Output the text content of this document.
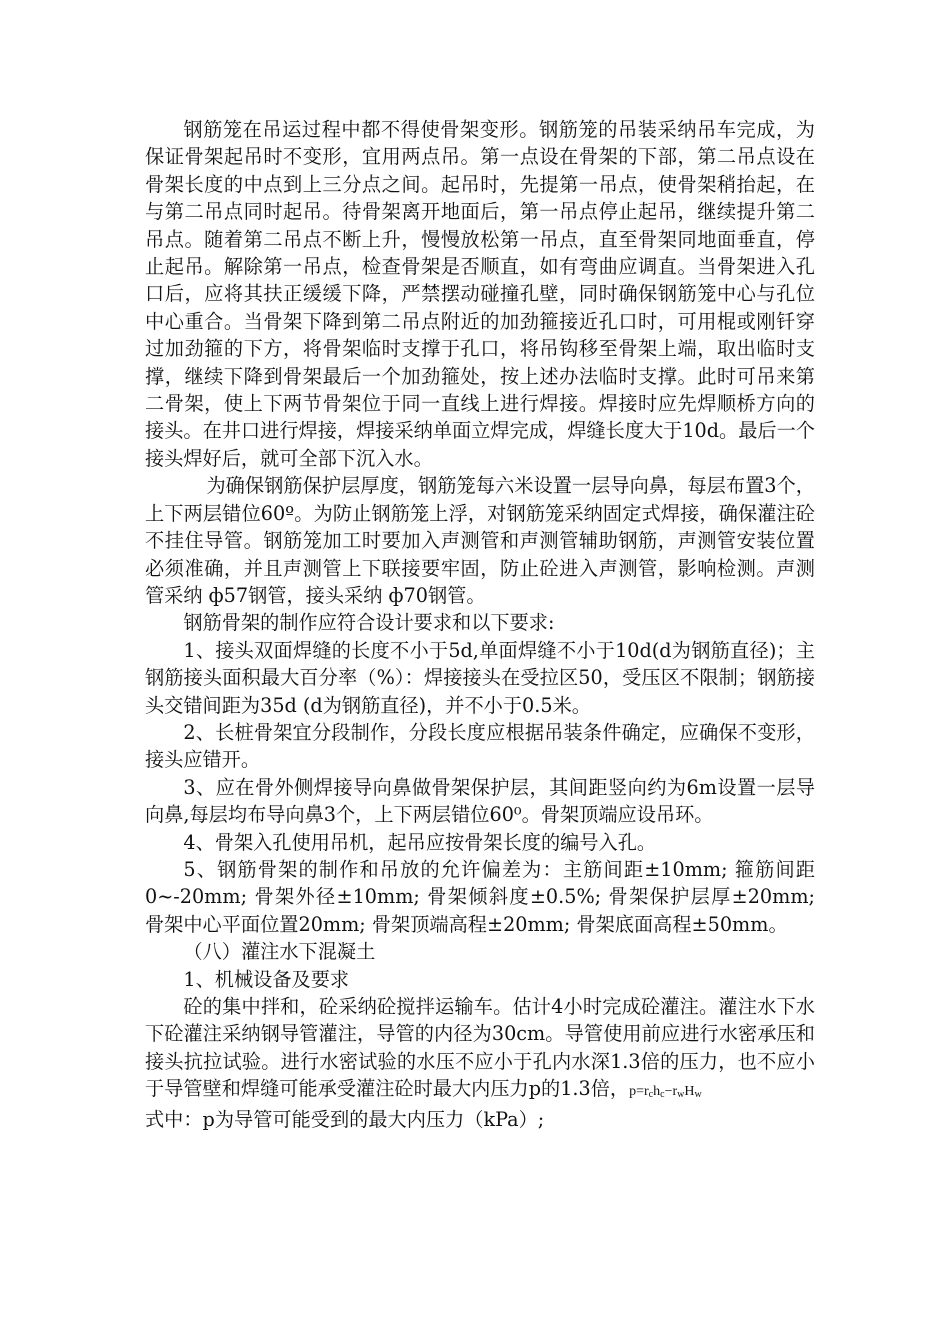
钢筋笼在吊运过程中都不得使骨架变形。钢筋笼的吊装采纳吊车完成，为保证骨架起吊时不变形，宜用两点吊。第一点设在骨架的下部，第二吊点设在骨架长度的中点到上三分点之间。起吊时，先提第一吊点，使骨架稍抬起，在与第二吊点同时起吊。待骨架离开地面后，第一吊点停止起吊，继续提升第二吊点。随着第二吊点不断上升，慢慢放松第一吊点，直至骨架同地面垂直，停止起吊。解除第一吊点，检查骨架是否顺直，如有弯曲应调直。当骨架进入孔口后，应将其扶正缓缓下降，严禁摆动碰撞孔壁，同时确保钢筋笼中心与孔位中心重合。当骨架下降到第二吊点附近的加劲箍接近孔口时，可用棍或刚钎穿过加劲箍的下方，将骨架临时支撑于孔口，将吊钩移至骨架上端，取出临时支撑，继续下降到骨架最后一个加劲箍处，按上述办法临时支撑。此时可吊来第二骨架，使上下两节骨架位于同一直线上进行焊接。焊接时应先焊顺桥方向的接头。在井口进行焊接，焊接采纳单面立焊完成，焊缝长度大于10d。最后一个接头焊好后，就可全部下沉入水。

为确保钢筋保护层厚度，钢筋笼每六米设置一层导向鼻，每层布置3个，上下两层错位60º。为防止钢筋笼上浮，对钢筋笼采纳固定式焊接，确保灌注砼不挂住导管。钢筋笼加工时要加入声测管和声测管辅助钢筋，声测管安装位置必须准确，并且声测管上下联接要牢固，防止砼进入声测管，影响检测。声测管采纳 ф57钢管，接头采纳 ф70钢管。

钢筋骨架的制作应符合设计要求和以下要求:

1、接头双面焊缝的长度不小于5d,单面焊缝不小于10d(d为钢筋直径)；主钢筋接头面积最大百分率（%）：焊接接头在受拉区50，受压区不限制；钢筋接头交错间距为35d (d为钢筋直径)，并不小于0.5米。

2、长桩骨架宜分段制作，分段长度应根据吊装条件确定，应确保不变形，接头应错开。

3、应在骨外侧焊接导向鼻做骨架保护层，其间距竖向约为6m设置一层导向鼻,每层均布导向鼻3个，上下两层错位60⁰。骨架顶端应设吊环。

4、骨架入孔使用吊机，起吊应按骨架长度的编号入孔。

5、钢筋骨架的制作和吊放的允许偏差为：主筋间距±10mm; 箍筋间距0~-20mm; 骨架外径±10mm; 骨架倾斜度±0.5%; 骨架保护层厚±20mm; 骨架中心平面位置20mm; 骨架顶端高程±20mm; 骨架底面高程±50mm。

（八）灌注水下混凝土

1、机械设备及要求

砼的集中拌和，砼采纳砼搅拌运输车。估计4小时完成砼灌注。灌注水下水下砼灌注采纳钢导管灌注，导管的内径为30cm。导管使用前应进行水密承压和接头抗拉试验。进行水密试验的水压不应小于孔内水深1.3倍的压力，也不应小于导管壁和焊缝可能承受灌注砼时最大内压力p的1.3倍，$p=r_ch_c-r_wH_w$

式中：p为导管可能受到的最大内压力（kPa）;
